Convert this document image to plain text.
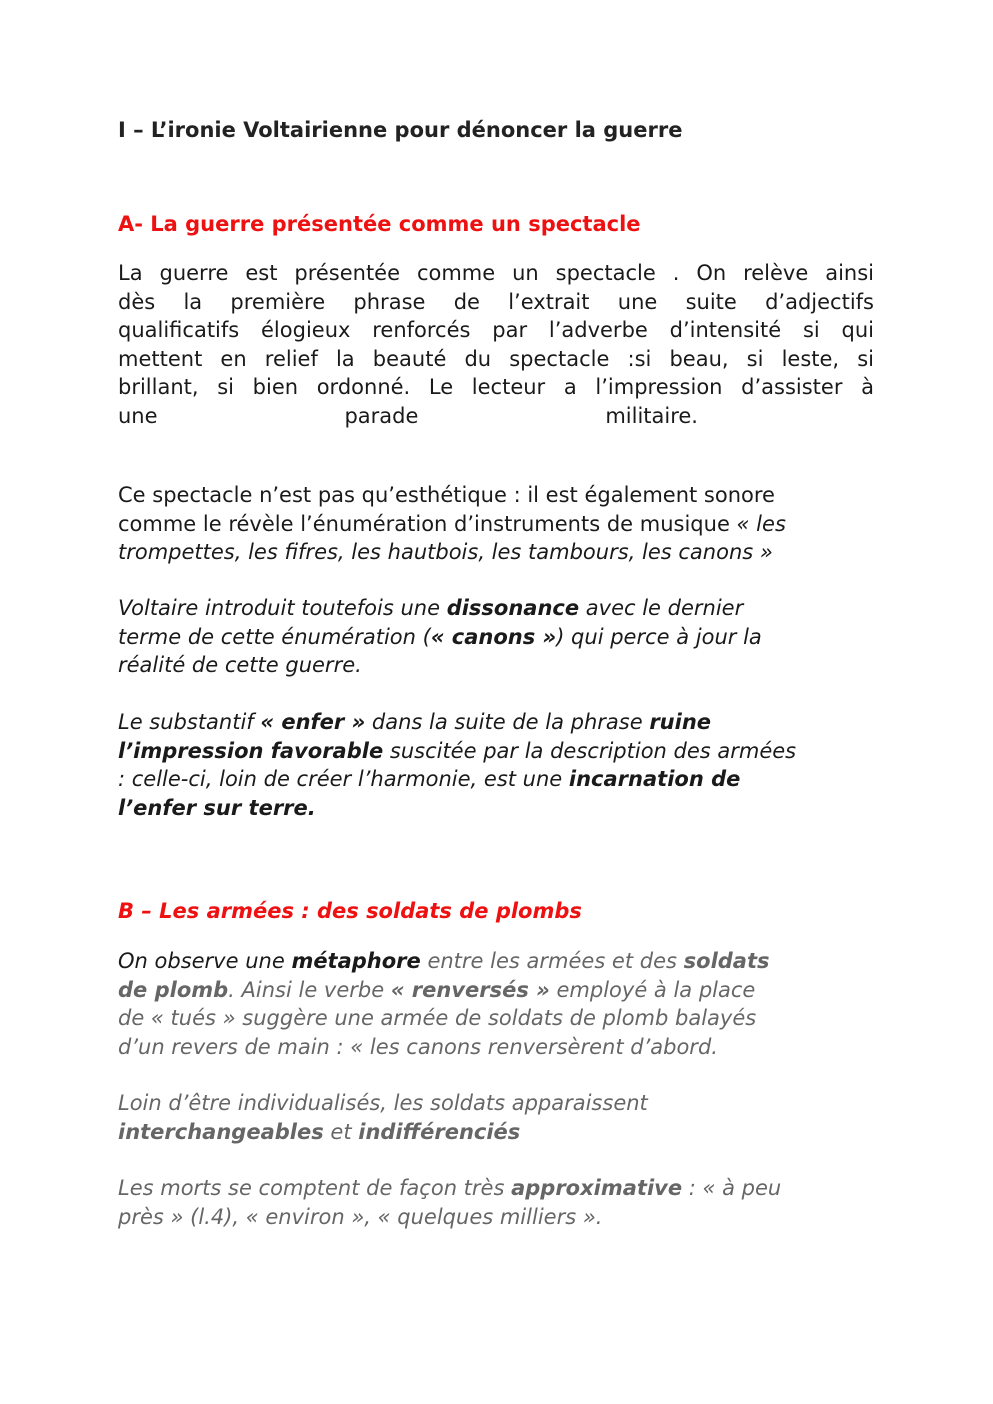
I – L’ironie Voltairienne pour dénoncer la guerre
A- La guerre présentée comme un spectacle
La guerre est présentée comme un spectacle . On relève ainsi
dès la première phrase de l’extrait une suite d’adjectifs
qualificatifs élogieux renforcés par l’adverbe d’intensité si qui
mettent en relief la beauté du spectacle :si beau, si leste, si
brillant, si bien ordonné. Le lecteur a l’impression d’assister à
une	parade	militaire.
Ce spectacle n’est pas qu’esthétique : il est également sonore
comme le révèle l’énumération d’instruments de musique « les
trompettes, les fifres, les hautbois, les tambours, les canons »
Voltaire introduit toutefois une dissonance avec le dernier
terme de cette énumération (« canons ») qui perce à jour la
réalité de cette guerre.
Le substantif « enfer » dans la suite de la phrase ruine
l’impression favorable suscitée par la description des armées
: celle-ci, loin de créer l’harmonie, est une incarnation de
l’enfer sur terre.
B – Les armées : des soldats de plombs
On observe une métaphore entre les armées et des soldats
de plomb. Ainsi le verbe « renversés » employé à la place
de « tués » suggère une armée de soldats de plomb balayés
d’un revers de main : « les canons renversèrent d’abord.
Loin d’être individualisés, les soldats apparaissent
interchangeables et indifférenciés
Les morts se comptent de façon très approximative : « à peu
près » (l.4), « environ », « quelques milliers ».
